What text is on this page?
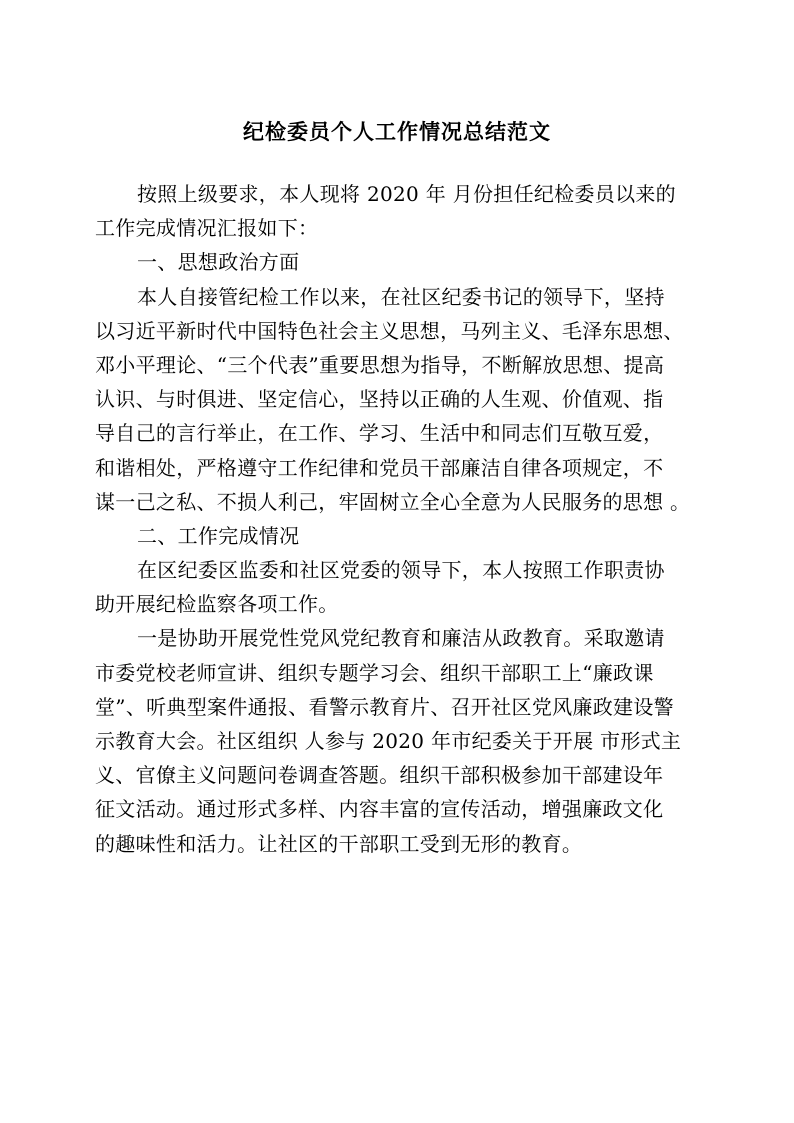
纪检委员个人工作情况总结范文
按照上级要求，本人现将 2020 年 月份担任纪检委员以来的
工作完成情况汇报如下：
一、思想政治方面
本人自接管纪检工作以来，在社区纪委书记的领导下，坚持
以习近平新时代中国特色社会主义思想，马列主义、毛泽东思想、
邓小平理论、“三个代表”重要思想为指导，不断解放思想、提高
认识、与时俱进、坚定信心，坚持以正确的人生观、价值观、指
导自己的言行举止，在工作、学习、生活中和同志们互敬互爱，
和谐相处，严格遵守工作纪律和党员干部廉洁自律各项规定，不
谋一己之私、不损人利己，牢固树立全心全意为人民服务的思想 。
二、工作完成情况
在区纪委区监委和社区党委的领导下，本人按照工作职责协
助开展纪检监察各项工作。
一是协助开展党性党风党纪教育和廉洁从政教育。采取邀请
市委党校老师宣讲、组织专题学习会、组织干部职工上“廉政课
堂”、听典型案件通报、看警示教育片、召开社区党风廉政建设警
示教育大会。社区组织 人参与 2020 年市纪委关于开展 市形式主
义、官僚主义问题问卷调查答题。组织干部积极参加干部建设年
征文活动。通过形式多样、内容丰富的宣传活动，增强廉政文化
的趣味性和活力。让社区的干部职工受到无形的教育。
